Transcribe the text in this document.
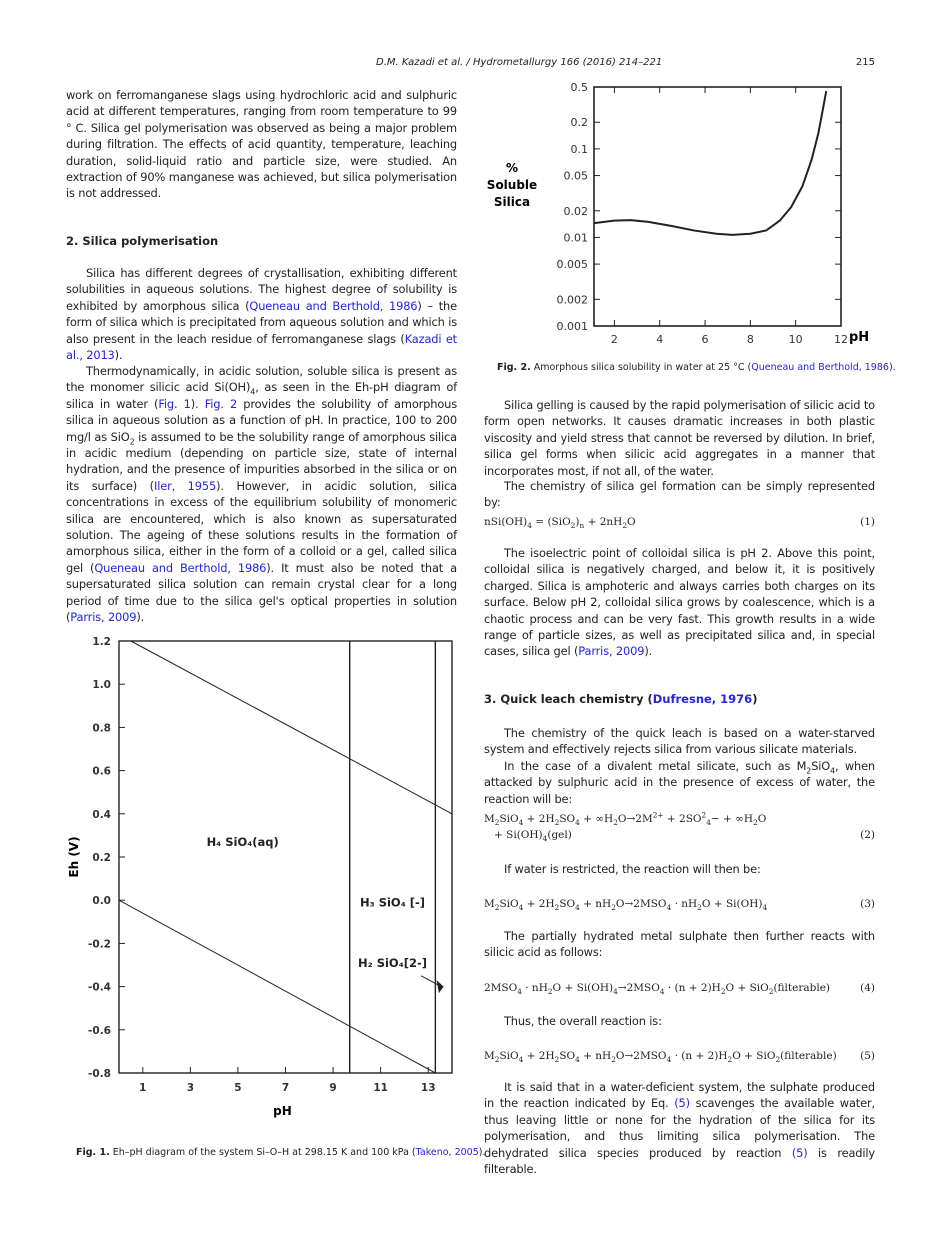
D.M. Kazadi et al. / Hydrometallurgy 166 (2016) 214–221	215
work on ferromanganese slags using hydrochloric acid and sulphuric acid at different temperatures, ranging from room temperature to 99 ° C. Silica gel polymerisation was observed as being a major problem during filtration. The effects of acid quantity, temperature, leaching duration, solid-liquid ratio and particle size, were studied. An extraction of 90% manganese was achieved, but silica polymerisation is not addressed.
2. Silica polymerisation
Silica has different degrees of crystallisation, exhibiting different solubilities in aqueous solutions. The highest degree of solubility is exhibited by amorphous silica (Queneau and Berthold, 1986) – the form of silica which is precipitated from aqueous solution and which is also present in the leach residue of ferromanganese slags (Kazadi et al., 2013).
Thermodynamically, in acidic solution, soluble silica is present as the monomer silicic acid $Si(OH)_4$, as seen in the Eh-pH diagram of silica in water (Fig. 1). Fig. 2 provides the solubility of amorphous silica in aqueous solution as a function of pH. In practice, 100 to 200 mg/l as SiO$_2$ is assumed to be the solubility range of amorphous silica in acidic medium (depending on particle size, state of internal hydration, and the presence of impurities absorbed in the silica or on its surface) (Iler, 1955). However, in acidic solution, silica concentrations in excess of the equilibrium solubility of monomeric silica are encountered, which is also known as supersaturated solution. The ageing of these solutions results in the formation of amorphous silica, either in the form of a colloid or a gel, called silica gel (Queneau and Berthold, 1986). It must also be noted that a supersaturated silica solution can remain crystal clear for a long period of time due to the silica gel's optical properties in solution (Parris, 2009).
1.2
1.0
0.8
0.6
0.4
0.2
0.0
-0.2
-0.4
-0.6
-0.8
1	3	5	7	9	11	13
H₄ SiO₄(aq)
H₃ SiO₄ [-]
H₂ SiO₄[2-]
pH
Eh (V)
Fig. 1. Eh–pH diagram of the system Si–O–H at 298.15 K and 100 kPa (Takeno, 2005).
0.5
0.2
0.1
0.05
0.02
0.01
0.005
0.002
0.001
2	4	6	8	10	12 pH
% Soluble Silica
Fig. 2. Amorphous silica solubility in water at 25 °C (Queneau and Berthold, 1986).
Silica gelling is caused by the rapid polymerisation of silicic acid to form open networks. It causes dramatic increases in both plastic viscosity and yield stress that cannot be reversed by dilution. In brief, silica gel forms when silicic acid aggregates in a manner that incorporates most, if not all, of the water.
The chemistry of silica gel formation can be simply represented by:
$nSi(OH)_4 = (SiO_2)_n + 2nH_2O$	(1)
The isoelectric point of colloidal silica is pH 2. Above this point, colloidal silica is negatively charged, and below it, it is positively charged. Silica is amphoteric and always carries both charges on its surface. Below pH 2, colloidal silica grows by coalescence, which is a chaotic process and can be very fast. This growth results in a wide range of particle sizes, as well as precipitated silica and, in special cases, silica gel (Parris, 2009).
3. Quick leach chemistry (Dufresne, 1976)
The chemistry of the quick leach is based on a water-starved system and effectively rejects silica from various silicate materials.
In the case of a divalent metal silicate, such as $M_2SiO_4$, when attacked by sulphuric acid in the presence of excess of water, the reaction will be:
$M_2SiO_4 + 2H_2SO_4 + \infty H_2O\to 2M^{2+} + 2SO^2_4- + \infty H_2O$
+ $Si(OH)_4(gel)$	(2)
If water is restricted, the reaction will then be:
$M_2SiO_4 + 2H_2SO_4 + nH_2O\to 2MSO_4 \cdot nH_2O + Si(OH)_4$	(3)
The partially hydrated metal sulphate then further reacts with silicic acid as follows:
$2MSO_4 \cdot nH_2O + Si(OH)_4\to 2MSO_4 \cdot (n + 2)H_2O$ + SiO$_2$(filterable)	(4)
Thus, the overall reaction is:
$M_2SiO_4 + 2H_2SO_4 + nH_2O\to 2MSO_4 \cdot (n + 2)H_2O$ + SiO$_2$(filterable) (5)
It is said that in a water-deficient system, the sulphate produced in the reaction indicated by Eq. (5) scavenges the available water, thus leaving little or none for the hydration of the silica for its polymerisation, and thus limiting silica polymerisation. The dehydrated silica species produced by reaction (5) is readily filterable.
